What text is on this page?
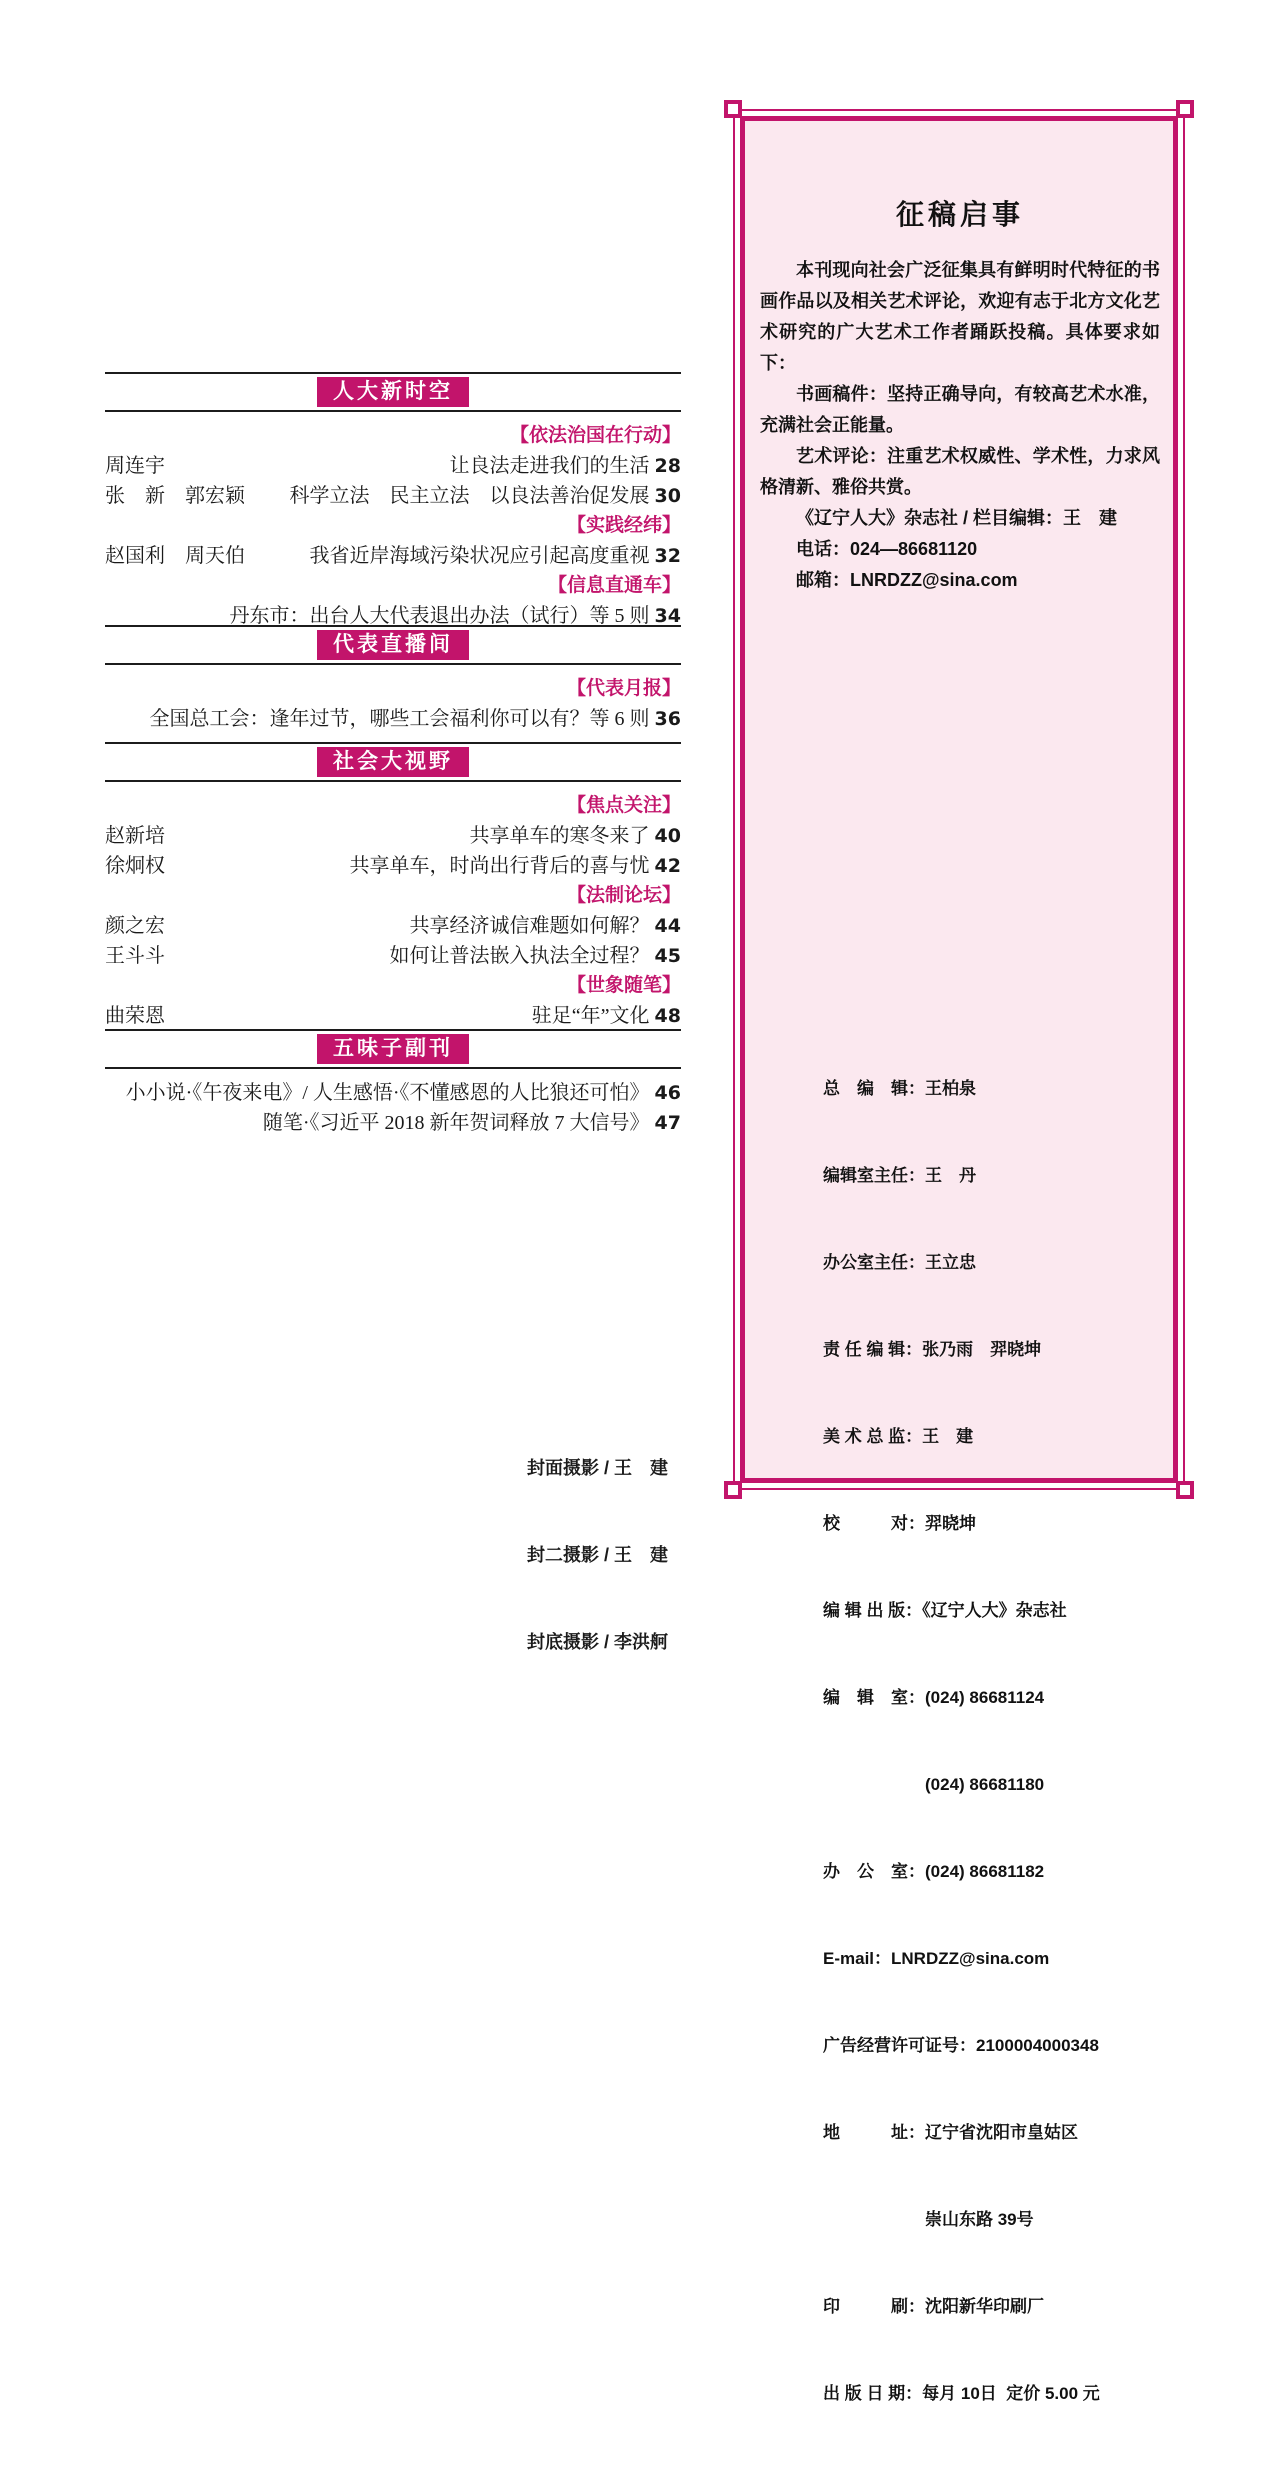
人大新时空
【依法治国在行动】
周连宇	让良法走进我们的生活 28
张　新　郭宏颖 科学立法　民主立法　以良法善治促发展 30
【实践经纬】
赵国利　周天伯	我省近岸海域污染状况应引起高度重视 32
【信息直通车】
丹东市：出台人大代表退出办法（试行）等 5 则 34
代表直播间
【代表月报】
全国总工会：逢年过节，哪些工会福利你可以有？等 6 则 36
社会大视野
【焦点关注】
赵新培	共享单车的寒冬来了 40
徐炯权	共享单车，时尚出行背后的喜与忧 42
【法制论坛】
颜之宏	共享经济诚信难题如何解？ 44
王斗斗	如何让普法嵌入执法全过程？ 45
【世象随笔】
曲荣恩	驻足“年”文化 48
五味子副刊
小小说·《午夜来电》/ 人生感悟·《不懂感恩的人比狼还可怕》 46
随笔·《习近平 2018 新年贺词释放 7 大信号》 47

封面摄影 / 王　建

封二摄影 / 王　建

封底摄影 / 李洪舸

征稿启事

本刊现向社会广泛征集具有鲜明时代特征的书画作品以及相关艺术评论，欢迎有志于北方文化艺术研究的广大艺术工作者踊跃投稿。具体要求如下：

书画稿件：坚持正确导向，有较高艺术水准，充满社会正能量。

艺术评论：注重艺术权威性、学术性，力求风格清新、雅俗共赏。

《辽宁人大》杂志社 / 栏目编辑：王　建
电话：024—86681120
邮箱：LNRDZZ@sina.com

总　编　辑：王柏泉

编辑室主任：王　丹

办公室主任：王立忠

责 任 编 辑：张乃雨　羿晓坤

美 术 总 监：王　建

校　　　对：羿晓坤

编 辑 出 版：《辽宁人大》杂志社

编　辑　室：(024) 86681124

　　　　　　(024) 86681180

办　公　室：(024) 86681182

E-mail：LNRDZZ@sina.com

广告经营许可证号：2100004000348

地　　　址：辽宁省沈阳市皇姑区

　　　　　　崇山东路 39号

印　　　刷：沈阳新华印刷厂

出 版 日 期：每月 10日  定价 5.00 元
